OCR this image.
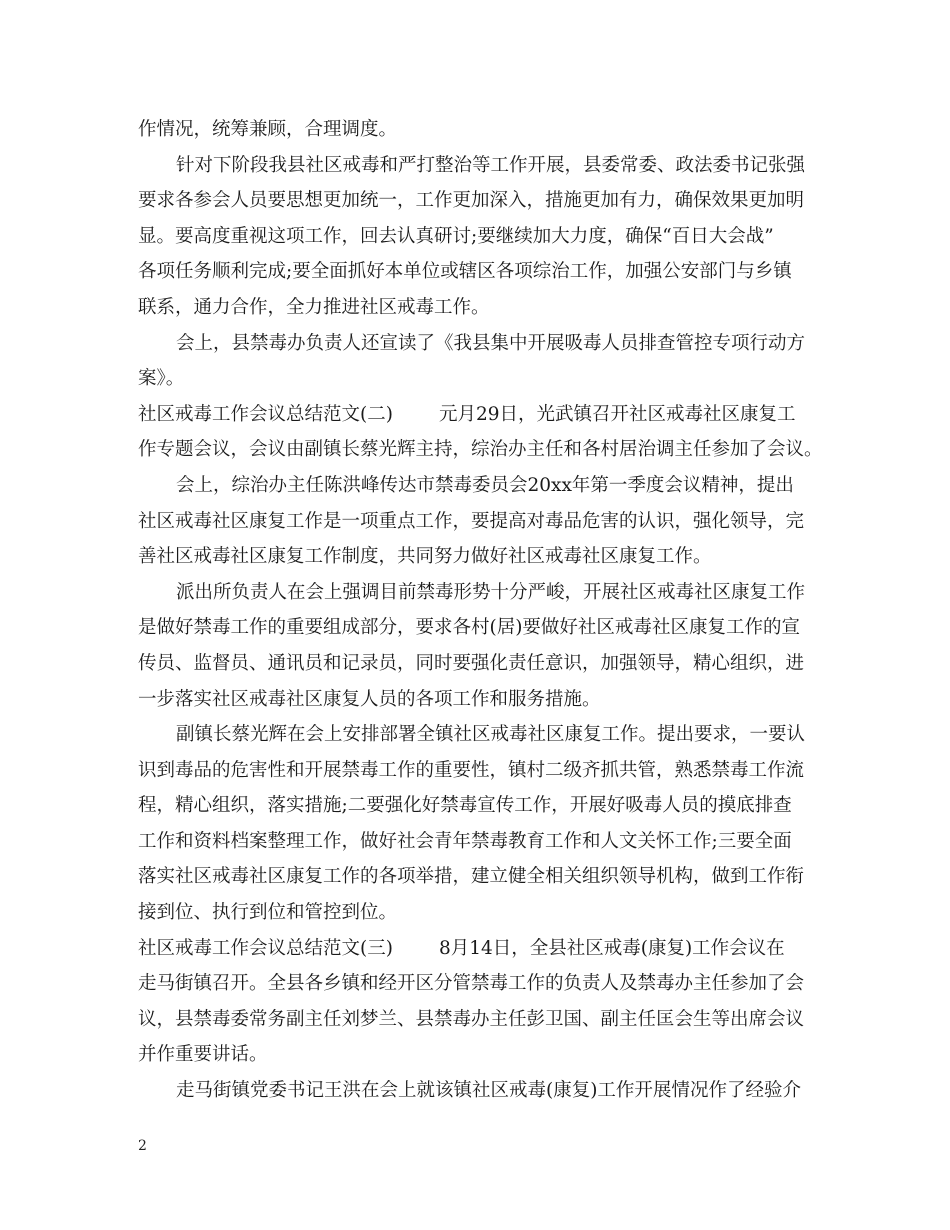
作情况，统筹兼顾，合理调度。
针对下阶段我县社区戒毒和严打整治等工作开展，县委常委、政法委书记张强
要求各参会人员要思想更加统一，工作更加深入，措施更加有力，确保效果更加明
显。要高度重视这项工作，回去认真研讨;要继续加大力度，确保“百日大会战”
各项任务顺利完成;要全面抓好本单位或辖区各项综治工作，加强公安部门与乡镇
联系，通力合作，全力推进社区戒毒工作。
会上，县禁毒办负责人还宣读了《我县集中开展吸毒人员排查管控专项行动方
案》。
社区戒毒工作会议总结范文(二) 元月29日，光武镇召开社区戒毒社区康复工
作专题会议，会议由副镇长蔡光辉主持，综治办主任和各村居治调主任参加了会议。
会上，综治办主任陈洪峰传达市禁毒委员会20xx年第一季度会议精神，提出
社区戒毒社区康复工作是一项重点工作，要提高对毒品危害的认识，强化领导，完
善社区戒毒社区康复工作制度，共同努力做好社区戒毒社区康复工作。
派出所负责人在会上强调目前禁毒形势十分严峻，开展社区戒毒社区康复工作
是做好禁毒工作的重要组成部分，要求各村(居)要做好社区戒毒社区康复工作的宣
传员、监督员、通讯员和记录员，同时要强化责任意识，加强领导，精心组织，进
一步落实社区戒毒社区康复人员的各项工作和服务措施。
副镇长蔡光辉在会上安排部署全镇社区戒毒社区康复工作。提出要求，一要认
识到毒品的危害性和开展禁毒工作的重要性，镇村二级齐抓共管，熟悉禁毒工作流
程，精心组织，落实措施;二要强化好禁毒宣传工作，开展好吸毒人员的摸底排查
工作和资料档案整理工作，做好社会青年禁毒教育工作和人文关怀工作;三要全面
落实社区戒毒社区康复工作的各项举措，建立健全相关组织领导机构，做到工作衔
接到位、执行到位和管控到位。
社区戒毒工作会议总结范文(三) 8月14日，全县社区戒毒(康复)工作会议在
走马街镇召开。全县各乡镇和经开区分管禁毒工作的负责人及禁毒办主任参加了会
议，县禁毒委常务副主任刘梦兰、县禁毒办主任彭卫国、副主任匡会生等出席会议
并作重要讲话。
走马街镇党委书记王洪在会上就该镇社区戒毒(康复)工作开展情况作了经验介
2
